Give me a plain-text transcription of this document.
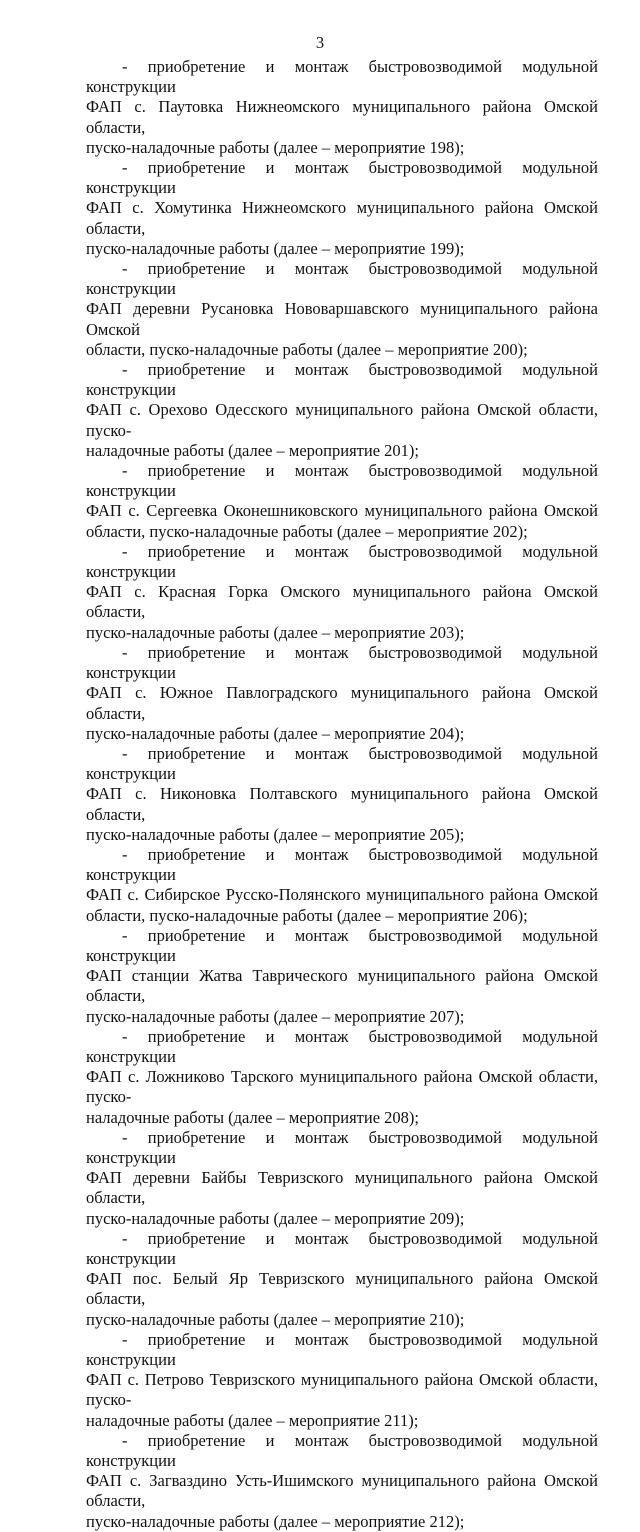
3
- приобретение и монтаж быстровозводимой модульной конструкции
ФАП с. Паутовка Нижнеомского муниципального района Омской области,
пуско-наладочные работы (далее – мероприятие 198);
- приобретение и монтаж быстровозводимой модульной конструкции
ФАП с. Хомутинка Нижнеомского муниципального района Омской области,
пуско-наладочные работы (далее – мероприятие 199);
- приобретение и монтаж быстровозводимой модульной конструкции
ФАП деревни Русановка Нововаршавского муниципального района Омской
области, пуско-наладочные работы (далее – мероприятие 200);
- приобретение и монтаж быстровозводимой модульной конструкции
ФАП с. Орехово Одесского муниципального района Омской области, пуско-
наладочные работы (далее – мероприятие 201);
- приобретение и монтаж быстровозводимой модульной конструкции
ФАП с. Сергеевка Оконешниковского муниципального района Омской
области, пуско-наладочные работы (далее – мероприятие 202);
- приобретение и монтаж быстровозводимой модульной конструкции
ФАП с. Красная Горка Омского муниципального района Омской области,
пуско-наладочные работы (далее – мероприятие 203);
- приобретение и монтаж быстровозводимой модульной конструкции
ФАП с. Южное Павлоградского муниципального района Омской области,
пуско-наладочные работы (далее – мероприятие 204);
- приобретение и монтаж быстровозводимой модульной конструкции
ФАП с. Никоновка Полтавского муниципального района Омской области,
пуско-наладочные работы (далее – мероприятие 205);
- приобретение и монтаж быстровозводимой модульной конструкции
ФАП с. Сибирское Русско-Полянского муниципального района Омской
области, пуско-наладочные работы (далее – мероприятие 206);
- приобретение и монтаж быстровозводимой модульной конструкции
ФАП станции Жатва Таврического муниципального района Омской области,
пуско-наладочные работы (далее – мероприятие 207);
- приобретение и монтаж быстровозводимой модульной конструкции
ФАП с. Ложниково Тарского муниципального района Омской области, пуско-
наладочные работы (далее – мероприятие 208);
- приобретение и монтаж быстровозводимой модульной конструкции
ФАП деревни Байбы Тевризского муниципального района Омской области,
пуско-наладочные работы (далее – мероприятие 209);
- приобретение и монтаж быстровозводимой модульной конструкции
ФАП пос. Белый Яр Тевризского муниципального района Омской области,
пуско-наладочные работы (далее – мероприятие 210);
- приобретение и монтаж быстровозводимой модульной конструкции
ФАП с. Петрово Тевризского муниципального района Омской области, пуско-
наладочные работы (далее – мероприятие 211);
- приобретение и монтаж быстровозводимой модульной конструкции
ФАП с. Загваздино Усть-Ишимского муниципального района Омской области,
пуско-наладочные работы (далее – мероприятие 212);
